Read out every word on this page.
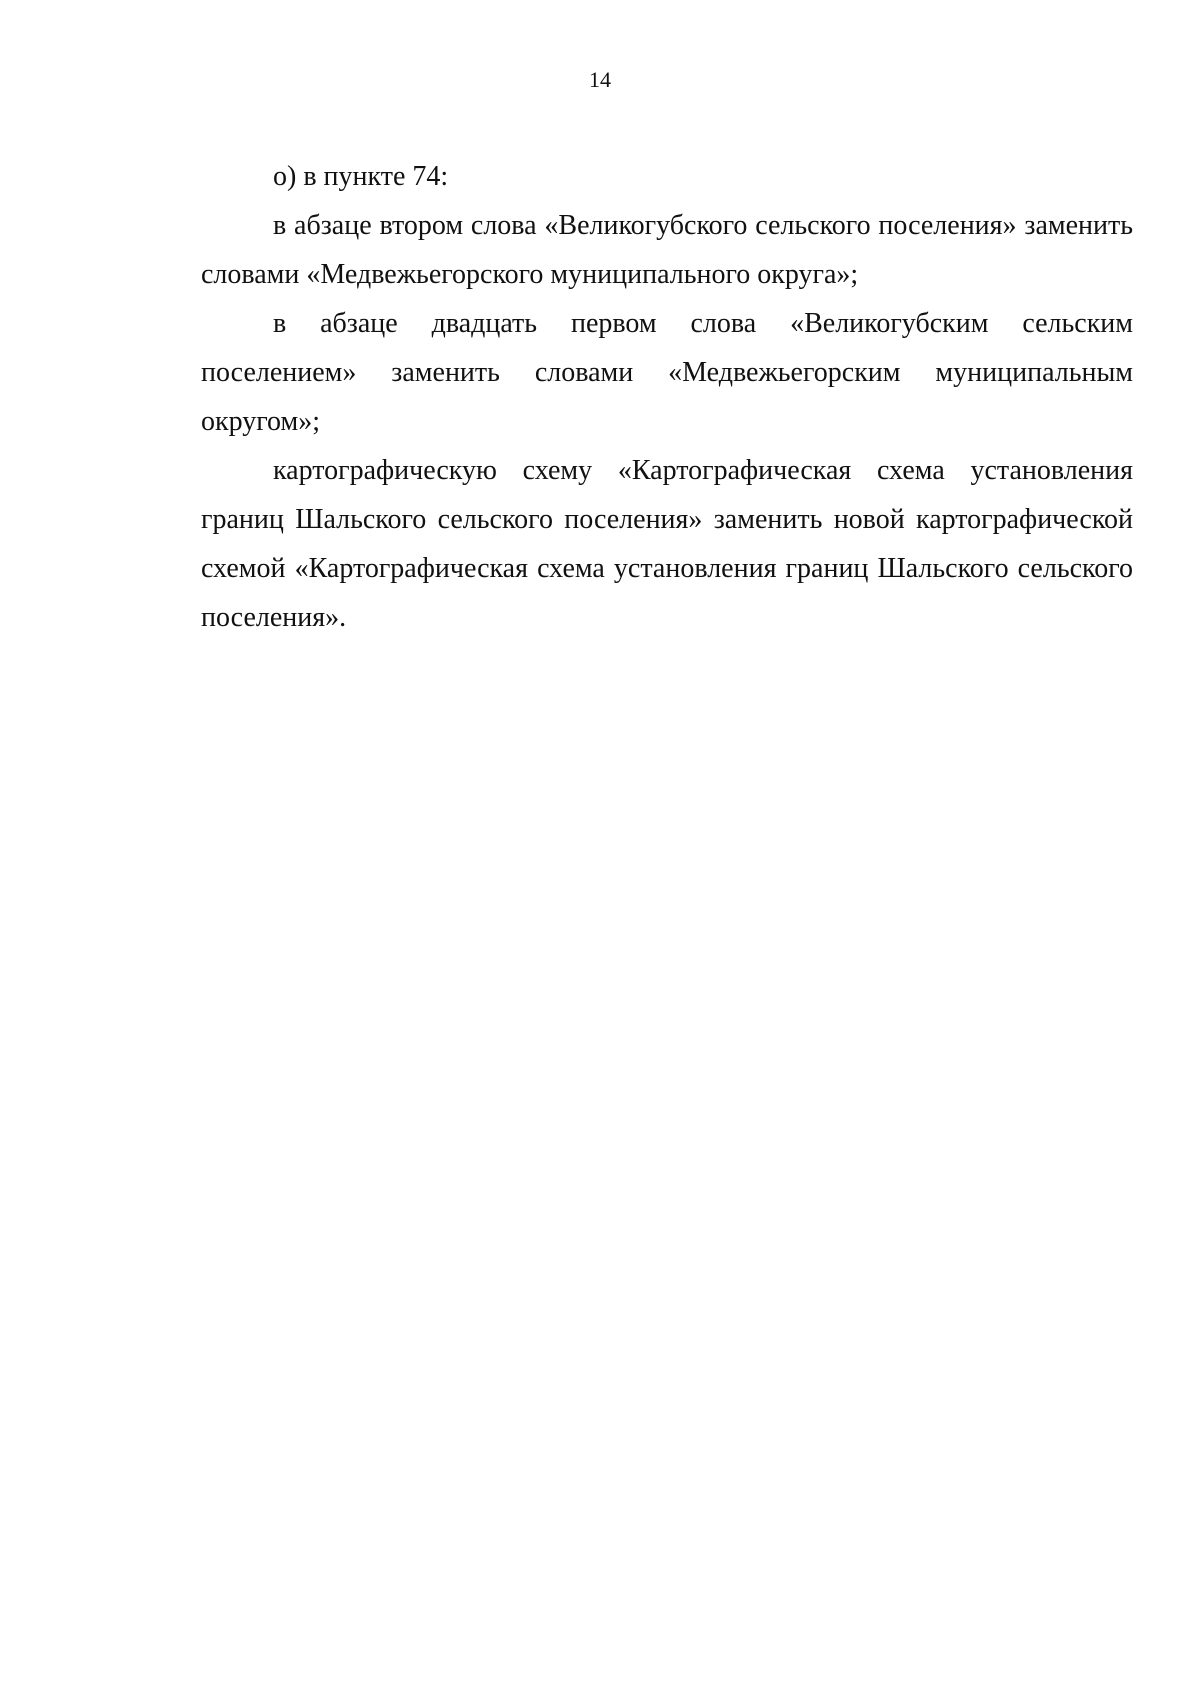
14

о) в пункте 74:

в абзаце втором слова «Великогубского сельского поселения» заменить словами «Медвежьегорского муниципального округа»;

в абзаце двадцать первом слова «Великогубским сельским поселением» заменить словами «Медвежьегорским муниципальным округом»;

картографическую схему «Картографическая схема установления границ Шальского сельского поселения» заменить новой картографической схемой «Картографическая схема установления границ Шальского сельского поселения».
